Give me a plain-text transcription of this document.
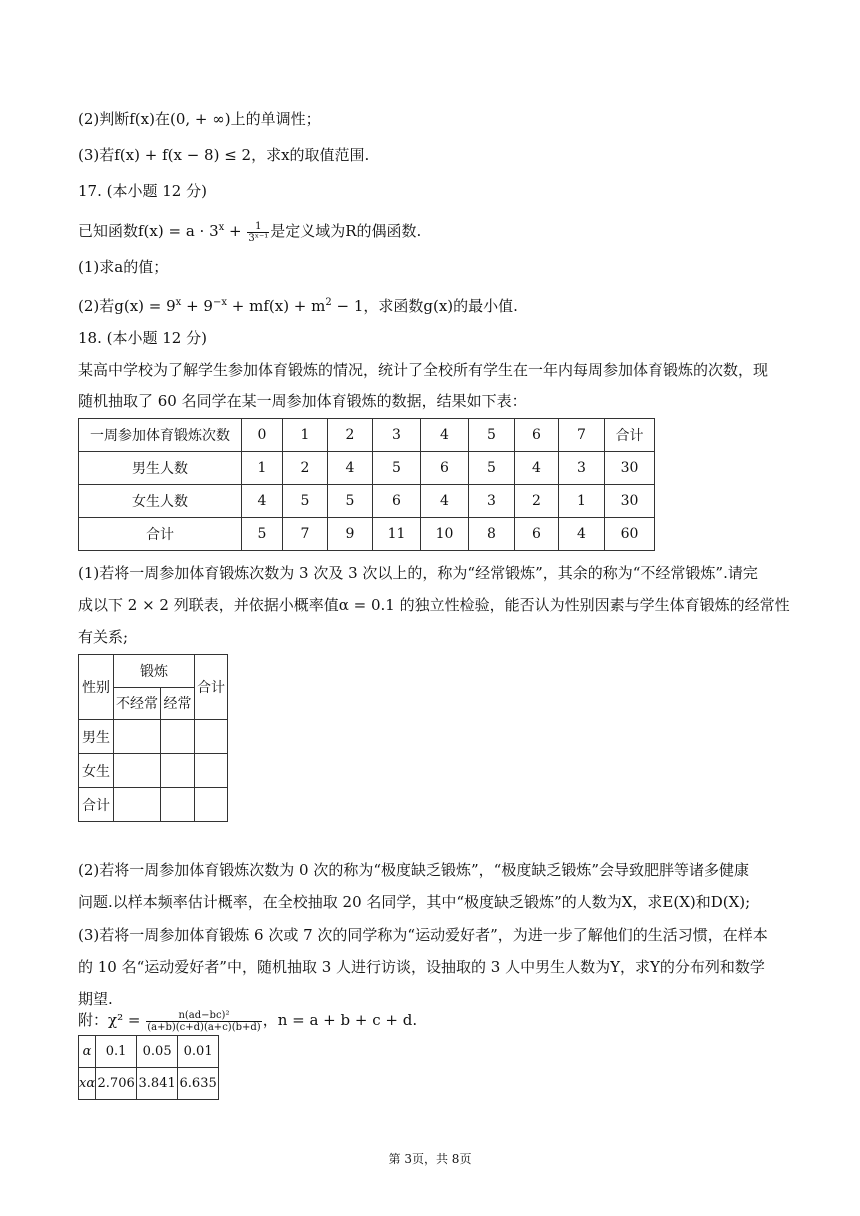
(2)判断f(x)在(0, + ∞)上的单调性；
(3)若f(x) + f(x − 8) ≤ 2，求x的取值范围.
17. (本小题 12 分)
已知函数$f(x) = a \cdot 3^x + \frac{1}{\text{3ˣ⁻¹}}$ 是定义域为R的偶函数.
(1)求a的值；
(2)若$g(x) = 9^x + 9^{-x} + mf(x) + m^2 - 1$，求函数g(x)的最小值.
18. (本小题 12 分)
某高中学校为了解学生参加体育锻炼的情况，统计了全校所有学生在一年内每周参加体育锻炼的次数，现
随机抽取了 60 名同学在某一周参加体育锻炼的数据，结果如下表：
一周参加体育锻炼次数	0	1	2	3	4	5	6	7	合计
男生人数	1	2	4	5	6	5	4	3	30
女生人数	4	5	5	6	4	3	2	1	30
合计	5	7	9	11	10	8	6	4	60
(1)若将一周参加体育锻炼次数为 3 次及 3 次以上的，称为“经常锻炼”，其余的称为“不经常锻炼”.请完
成以下 2 × 2 列联表，并依据小概率值α = 0.1 的独立性检验，能否认为性别因素与学生体育锻炼的经常性
有关系;
性别	锻炼		合计
	不经常	经常	
男生			
女生			
合计			
(2)若将一周参加体育锻炼次数为 0 次的称为“极度缺乏锻炼”，“极度缺乏锻炼”会导致肥胖等诸多健康
问题.以样本频率估计概率，在全校抽取 20 名同学，其中“极度缺乏锻炼”的人数为X，求E(X)和D(X);
(3)若将一周参加体育锻炼 6 次或 7 次的同学称为“运动爱好者”，为进一步了解他们的生活习惯，在样本
的 10 名“运动爱好者”中，随机抽取 3 人进行访谈，设抽取的 3 人中男生人数为Y，求Y的分布列和数学
期望.
附：$\chi^2 = \frac{\text{n(ad−bc)²}}{(a+b)(c+d)(a+c)(b+d)}$ ，n = a + b + c + d.
α	0.1	0.05	0.01
xα	2.706	3.841	6.635
第 3页，共 8页
